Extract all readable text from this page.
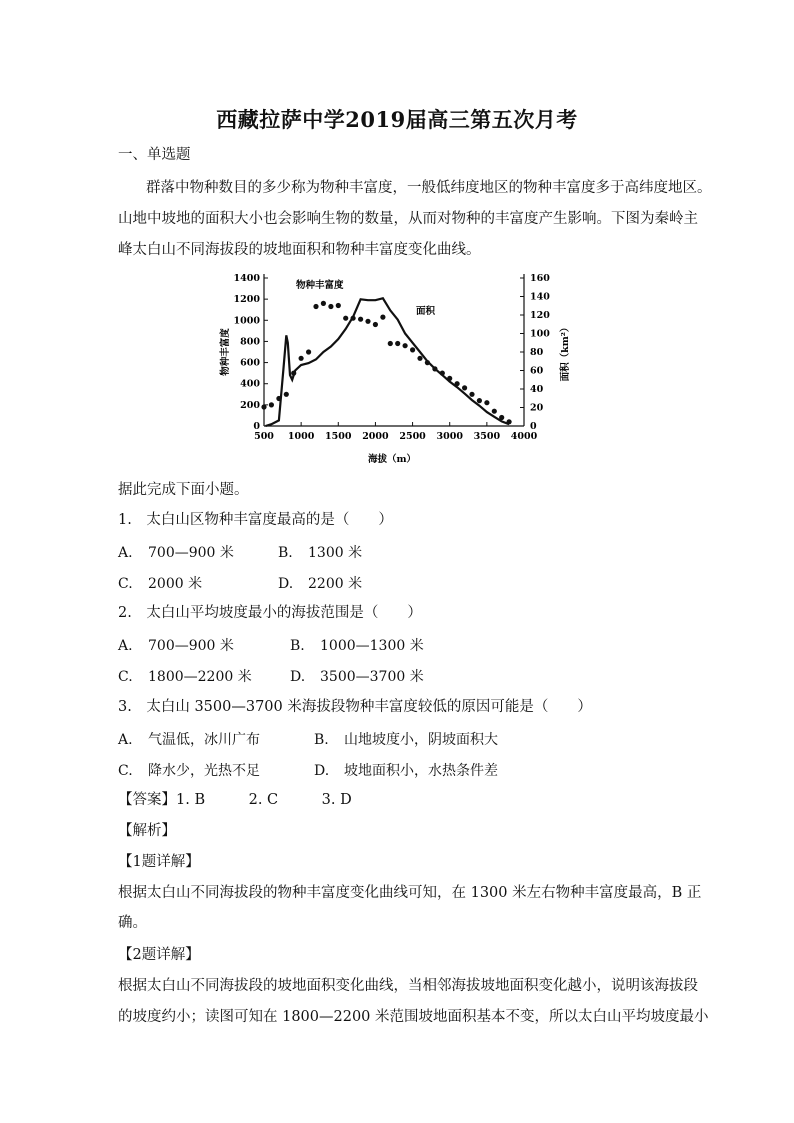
西藏拉萨中学2019届高三第五次月考
一、单选题
群落中物种数目的多少称为物种丰富度，一般低纬度地区的物种丰富度多于高纬度地区。
山地中坡地的面积大小也会影响生物的数量，从而对物种的丰富度产生影响。下图为秦岭主
峰太白山不同海拔段的坡地面积和物种丰富度变化曲线。
0
200
400
600
800
1000
1200
1400
0
20
40
60
80
100
120
140
160
500 1000 1500 2000 2500 3000 3500 4000
物种丰富度
面积
物种丰富度	面积（km²）
海拔（m）
据此完成下面小题。
1.　太白山区物种丰富度最高的是（　　）
A. 700—900 米	B. 1300 米
C. 2000 米	D. 2200 米
2.　太白山平均坡度最小的海拔范围是（　　）
A. 700—900 米	B. 1000—1300 米
C. 1800—2200 米	D. 3500—3700 米
3.　太白山 3500—3700 米海拔段物种丰富度较低的原因可能是（　　）
A. 气温低，冰川广布	B. 山地坡度小，阴坡面积大
C. 降水少，光热不足	D. 坡地面积小，水热条件差
【答案】1. B　　　2. C　　　3. D
【解析】
【1题详解】
根据太白山不同海拔段的物种丰富度变化曲线可知，在 1300 米左右物种丰富度最高，B 正
确。
【2题详解】
根据太白山不同海拔段的坡地面积变化曲线，当相邻海拔坡地面积变化越小，说明该海拔段
的坡度约小；读图可知在 1800—2200 米范围坡地面积基本不变，所以太白山平均坡度最小
